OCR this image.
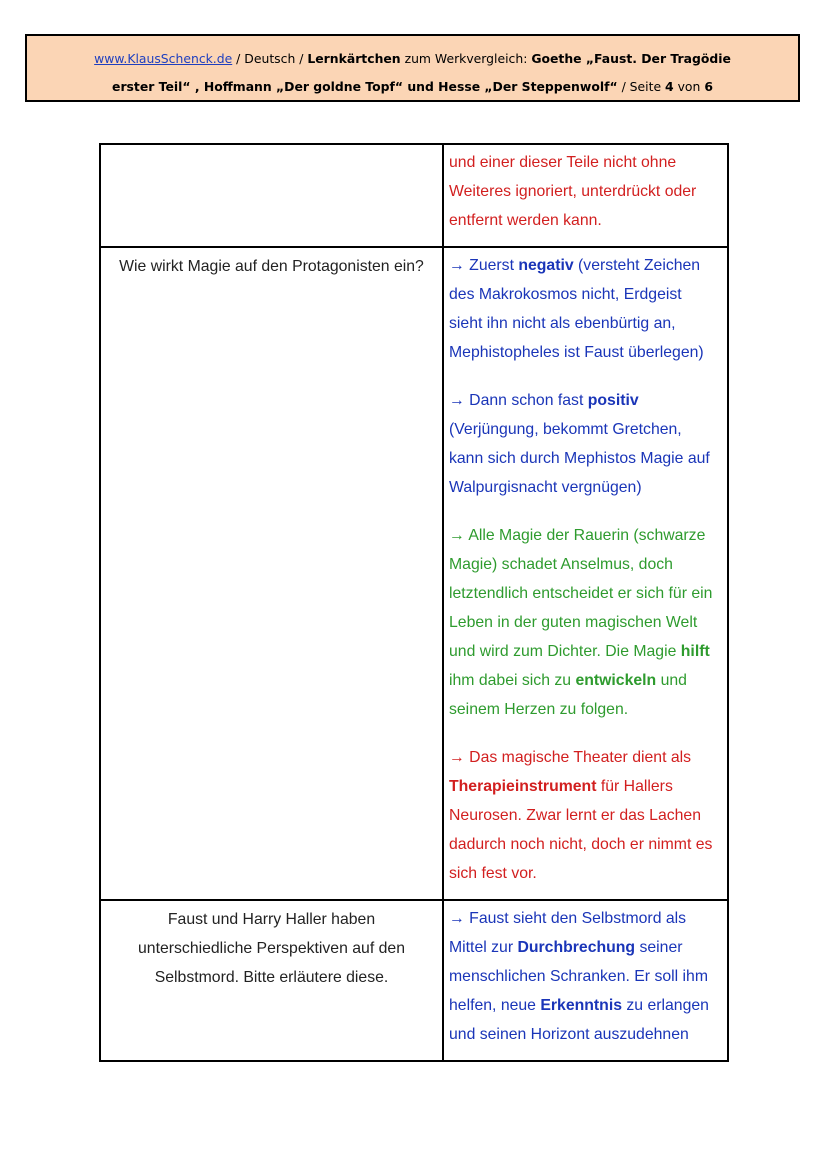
www.KlausSchenck.de / Deutsch / Lernkärtchen zum Werkvergleich: Goethe „Faust. Der Tragödie
erster Teil“ , Hoffmann „Der goldne Topf“ und Hesse „Der Steppenwolf“ / Seite 4 von 6

	und einer dieser Teile nicht ohne Weiteres ignoriert, unterdrückt oder entfernt werden kann.

Wie wirkt Magie auf den Protagonisten ein?	→ Zuerst negativ (versteht Zeichen des Makrokosmos nicht, Erdgeist sieht ihn nicht als ebenbürtig an, Mephistopheles ist Faust überlegen)
→ Dann schon fast positiv (Verjüngung, bekommt Gretchen, kann sich durch Mephistos Magie auf Walpurgisnacht vergnügen)
→ Alle Magie der Rauerin (schwarze Magie) schadet Anselmus, doch letztendlich entscheidet er sich für ein Leben in der guten magischen Welt und wird zum Dichter. Die Magie hilft ihm dabei sich zu entwickeln und seinem Herzen zu folgen.
→ Das magische Theater dient als Therapieinstrument für Hallers Neurosen. Zwar lernt er das Lachen dadurch noch nicht, doch er nimmt es sich fest vor.

Faust und Harry Haller haben unterschiedliche Perspektiven auf den Selbstmord. Bitte erläutere diese.	→ Faust sieht den Selbstmord als Mittel zur Durchbrechung seiner menschlichen Schranken. Er soll ihm helfen, neue Erkenntnis zu erlangen und seinen Horizont auszudehnen
